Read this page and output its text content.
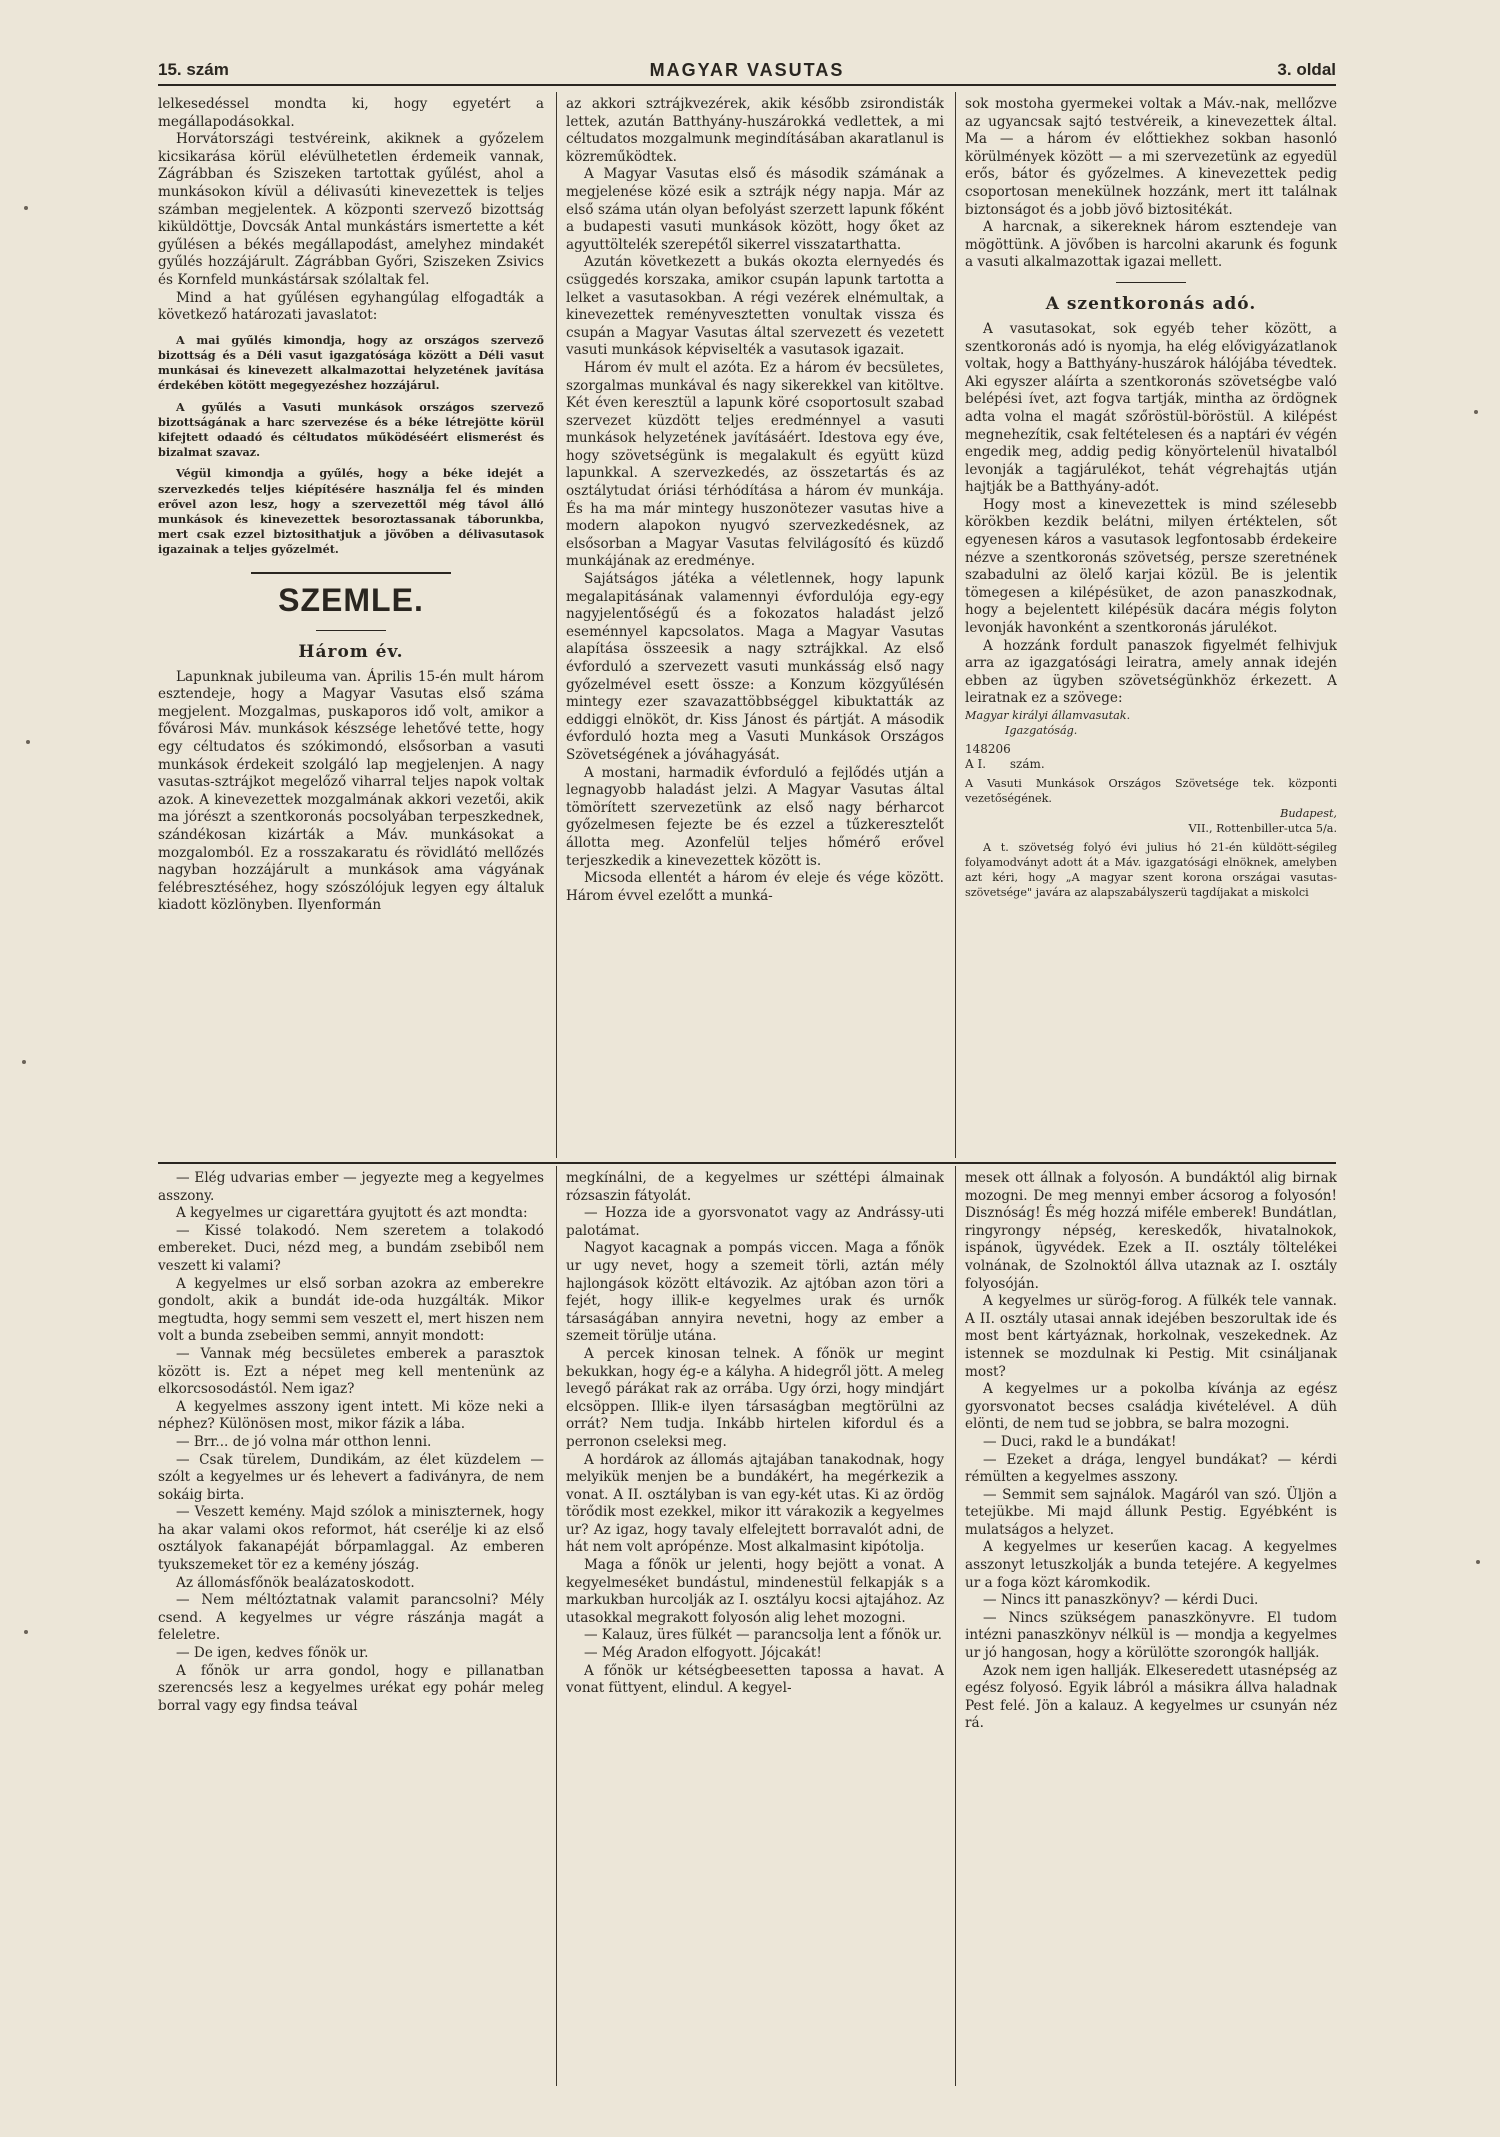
15. szám	MAGYAR VASUTAS	3. oldal

lelkesedéssel mondta ki, hogy egyetért a megállapodásokkal.

Horvátországi testvéreink, akiknek a győzelem kicsikarása körül elévülhetetlen érdemeik vannak, Zágrábban és Sziszeken tartottak gyűlést, ahol a munkásokon kívül a délivasúti kinevezettek is teljes számban megjelentek. A központi szervező bizottság kiküldöttje, Dovcsák Antal munkástárs ismertette a két gyűlésen a békés megállapodást, amelyhez mindakét gyűlés hozzájárult. Zágrábban Győri, Sziszeken Zsivics és Kornfeld munkástársak szólaltak fel.

Mind a hat gyűlésen egyhangúlag elfogadták a következő határozati javaslatot:

A mai gyűlés kimondja, hogy az országos szervező bizottság és a Déli vasut igazgatósága között a Déli vasut munkásai és kinevezett alkalmazottai helyzetének javítása érdekében kötött megegyezéshez hozzájárul.

A gyűlés a Vasuti munkások országos szervező bizottságának a harc szervezése és a béke létrejötte körül kifejtett odaadó és céltudatos működéséért elismerést és bizalmat szavaz.

Végül kimondja a gyűlés, hogy a béke idejét a szervezkedés teljes kiépítésére használja fel és minden erővel azon lesz, hogy a szervezettől még távol álló munkások és kinevezettek besoroztassanak táborunkba, mert csak ezzel biztosithatjuk a jövőben a délivasutasok igazainak a teljes győzelmét.

SZEMLE.
Három év.

Lapunknak jubileuma van. Április 15-én mult három esztendeje, hogy a Magyar Vasutas első száma megjelent. Mozgalmas, puskaporos idő volt, amikor a fővárosi Máv. munkások készsége lehetővé tette, hogy egy céltudatos és szókimondó, elsősorban a vasuti munkások érdekeit szolgáló lap megjelenjen. A nagy vasutas-sztrájkot megelőző viharral teljes napok voltak azok. A kinevezettek mozgalmának akkori vezetői, akik ma jórészt a szentkoronás pocsolyában terpeszkednek, szándékosan kizárták a Máv. munkásokat a mozgalomból. Ez a rosszakaratu és rövidlátó mellőzés nagyban hozzájárult a munkások ama vágyának felébresztéséhez, hogy szószólójuk legyen egy általuk kiadott közlönyben. Ilyenformán

az akkori sztrájkvezérek, akik később zsirondisták lettek, azután Batthyány-huszárokká vedlettek, a mi céltudatos mozgalmunk megindításában akaratlanul is közreműködtek.

A Magyar Vasutas első és második számának a megjelenése közé esik a sztrájk négy napja. Már az első száma után olyan befolyást szerzett lapunk főként a budapesti vasuti munkások között, hogy őket az agyuttöltelék szerepétől sikerrel visszatarthatta.

Azután következett a bukás okozta elernyedés és csüggedés korszaka, amikor csupán lapunk tartotta a lelket a vasutasokban. A régi vezérek elnémultak, a kinevezettek reményvesztetten vonultak vissza és csupán a Magyar Vasutas által szervezett és vezetett vasuti munkások képviselték a vasutasok igazait.

Három év mult el azóta. Ez a három év becsületes, szorgalmas munkával és nagy sikerekkel van kitöltve. Két éven keresztül a lapunk köré csoportosult szabad szervezet küzdött teljes eredménnyel a vasuti munkások helyzetének javításáért. Idestova egy éve, hogy szövetségünk is megalakult és együtt küzd lapunkkal. A szervezkedés, az összetartás és az osztálytudat óriási térhódítása a három év munkája. És ha ma már mintegy huszonötezer vasutas hive a modern alapokon nyugvó szervezkedésnek, az elsősorban a Magyar Vasutas felvilágosító és küzdő munkájának az eredménye.

Sajátságos játéka a véletlennek, hogy lapunk megalapitásának valamennyi évfordulója egy-egy nagyjelentőségű és a fokozatos haladást jelző eseménnyel kapcsolatos. Maga a Magyar Vasutas alapítása összeesik a nagy sztrájkkal. Az első évforduló a szervezett vasuti munkásság első nagy győzelmével esett össze: a Konzum közgyűlésén mintegy ezer szavazattöbbséggel kibuktatták az eddiggi elnököt, dr. Kiss Jánost és pártját. A második évforduló hozta meg a Vasuti Munkások Országos Szövetségének a jóváhagyását.

A mostani, harmadik évforduló a fejlődés utján a legnagyobb haladást jelzi. A Magyar Vasutas által tömörített szervezetünk az első nagy bérharcot győzelmesen fejezte be és ezzel a tűzkeresztelőt állotta meg. Azonfelül teljes hőmérő erővel terjeszkedik a kinevezettek között is.

Micsoda ellentét a három év eleje és vége között. Három évvel ezelőtt a munká-

sok mostoha gyermekei voltak a Máv.-nak, mellőzve az ugyancsak sajtó testvéreik, a kinevezettek által. Ma — a három év előttiekhez sokban hasonló körülmények között — a mi szervezetünk az egyedül erős, bátor és győzelmes. A kinevezettek pedig csoportosan menekülnek hozzánk, mert itt találnak biztonságot és a jobb jövő biztositékát.

A harcnak, a sikereknek három esztendeje van mögöttünk. A jövőben is harcolni akarunk és fogunk a vasuti alkalmazottak igazai mellett.

A szentkoronás adó.

A vasutasokat, sok egyéb teher között, a szentkoronás adó is nyomja, ha elég elővigyázatlanok voltak, hogy a Batthyány-huszárok hálójába tévedtek. Aki egyszer aláírta a szentkoronás szövetségbe való belépési ívet, azt fogva tartják, mintha az ördögnek adta volna el magát szőröstül-böröstül. A kilépést megnehezítik, csak feltételesen és a naptári év végén engedik meg, addig pedig könyörtelenül hivatalból levonják a tagjárulékot, tehát végrehajtás utján hajtják be a Batthyány-adót.

Hogy most a kinevezettek is mind szélesebb körökben kezdik belátni, milyen értéktelen, sőt egyenesen káros a vasutasok legfontosabb érdekeire nézve a szentkoronás szövetség, persze szeretnének szabadulni az ölelő karjai közül. Be is jelentik tömegesen a kilépésüket, de azon panaszkodnak, hogy a bejelentett kilépésük dacára mégis folyton levonják havonként a szentkoronás járulékot.

A hozzánk fordult panaszok figyelmét felhivjuk arra az igazgatósági leiratra, amely annak idején ebben az ügyben szövetségünkhöz érkezett. A leiratnak ez a szövege:

Magyar királyi államvasutak.

Igazgatóság.

148206
A I. szám.

A Vasuti Munkások Országos Szövetsége tek. központi vezetőségének.

Budapest,

VII., Rottenbiller-utca 5/a.

A t. szövetség folyó évi julius hó 21-én küldött-ségileg folyamodványt adott át a Máv. igazgatósági elnöknek, amelyben azt kéri, hogy „A magyar szent korona országai vasutas-szövetsége" javára az alapszabályszerü tagdíjakat a miskolci

— Elég udvarias ember — jegyezte meg a kegyelmes asszony.

A kegyelmes ur cigarettára gyujtott és azt mondta:

— Kissé tolakodó. Nem szeretem a tolakodó embereket. Duci, nézd meg, a bundám zsebiből nem veszett ki valami?

A kegyelmes ur első sorban azokra az emberekre gondolt, akik a bundát ide-oda huzgálták. Mikor megtudta, hogy semmi sem veszett el, mert hiszen nem volt a bunda zsebeiben semmi, annyit mondott:

— Vannak még becsületes emberek a parasztok között is. Ezt a népet meg kell mentenünk az elkorcsosodástól. Nem igaz?

A kegyelmes asszony igent intett. Mi köze neki a néphez? Különösen most, mikor fázik a lába.

— Brr... de jó volna már otthon lenni.

— Csak türelem, Dundikám, az élet küzdelem — szólt a kegyelmes ur és lehevert a fadiványra, de nem sokáig birta.

— Veszett kemény. Majd szólok a miniszternek, hogy ha akar valami okos reformot, hát cserélje ki az első osztályok fakanapéját bőrpamlaggal. Az emberen tyukszemeket tör ez a kemény jószág.

Az állomásfőnök bealázatoskodott.

— Nem méltóztatnak valamit parancsolni? Mély csend. A kegyelmes ur végre rászánja magát a feleletre.

— De igen, kedves főnök ur.

A főnök ur arra gondol, hogy e pillanatban szerencsés lesz a kegyelmes urékat egy pohár meleg borral vagy egy findsa teával

megkínálni, de a kegyelmes ur széttépi álmainak rózsaszin fátyolát.

— Hozza ide a gyorsvonatot vagy az Andrássy-uti palotámat.

Nagyot kacagnak a pompás viccen. Maga a főnök ur ugy nevet, hogy a szemeit törli, aztán mély hajlongások között eltávozik. Az ajtóban azon töri a fejét, hogy illik-e kegyelmes urak és urnők társaságában annyira nevetni, hogy az ember a szemeit törülje utána.

A percek kinosan telnek. A főnök ur megint bekukkan, hogy ég-e a kályha. A hidegről jött. A meleg levegő párákat rak az orrába. Ugy órzi, hogy mindjárt elcsöppen. Illik-e ilyen társaságban megtörülni az orrát? Nem tudja. Inkább hirtelen kifordul és a perronon cseleksi meg.

A hordárok az állomás ajtajában tanakodnak, hogy melyikük menjen be a bundákért, ha megérkezik a vonat. A II. osztályban is van egy-két utas. Ki az ördög törődik most ezekkel, mikor itt várakozik a kegyelmes ur? Az igaz, hogy tavaly elfelejtett borravalót adni, de hát nem volt aprópénze. Most alkalmasint kipótolja.

Maga a főnök ur jelenti, hogy bejött a vonat. A kegyelmeséket bundástul, mindenestül felkapják s a markukban hurcolják az I. osztályu kocsi ajtajához. Az utasokkal megrakott folyosón alig lehet mozogni.

— Kalauz, üres fülkét — parancsolja lent a főnök ur.

— Még Aradon elfogyott. Jójcakát!

A főnök ur kétségbeesetten tapossa a havat. A vonat füttyent, elindul. A kegyel-

mesek ott állnak a folyosón. A bundáktól alig birnak mozogni. De meg mennyi ember ácsorog a folyosón! Disznóság! És még hozzá miféle emberek! Bundátlan, ringyrongy népség, kereskedők, hivatalnokok, ispánok, ügyvédek. Ezek a II. osztály töltelékei volnának, de Szolnoktól állva utaznak az I. osztály folyosóján.

A kegyelmes ur sürög-forog. A fülkék tele vannak. A II. osztály utasai annak idejében beszorultak ide és most bent kártyáznak, horkolnak, veszekednek. Az istennek se mozdulnak ki Pestig. Mit csináljanak most?

A kegyelmes ur a pokolba kívánja az egész gyorsvonatot becses családja kivételével. A düh elönti, de nem tud se jobbra, se balra mozogni.

— Duci, rakd le a bundákat!

— Ezeket a drága, lengyel bundákat? — kérdi rémülten a kegyelmes asszony.

— Semmit sem sajnálok. Magáról van szó. Üljön a tetejükbe. Mi majd állunk Pestig. Egyébként is mulatságos a helyzet.

A kegyelmes ur keserűen kacag. A kegyelmes asszonyt letuszkolják a bunda tetejére. A kegyelmes ur a foga közt káromkodik.

— Nincs itt panaszkönyv? — kérdi Duci.

— Nincs szükségem panaszkönyvre. El tudom intézni panaszkönyv nélkül is — mondja a kegyelmes ur jó hangosan, hogy a körülötte szorongók hallják.

Azok nem igen hallják. Elkeseredett utasnépség az egész folyosó. Egyik lábról a másikra állva haladnak Pest felé. Jön a kalauz. A kegyelmes ur csunyán néz rá.
